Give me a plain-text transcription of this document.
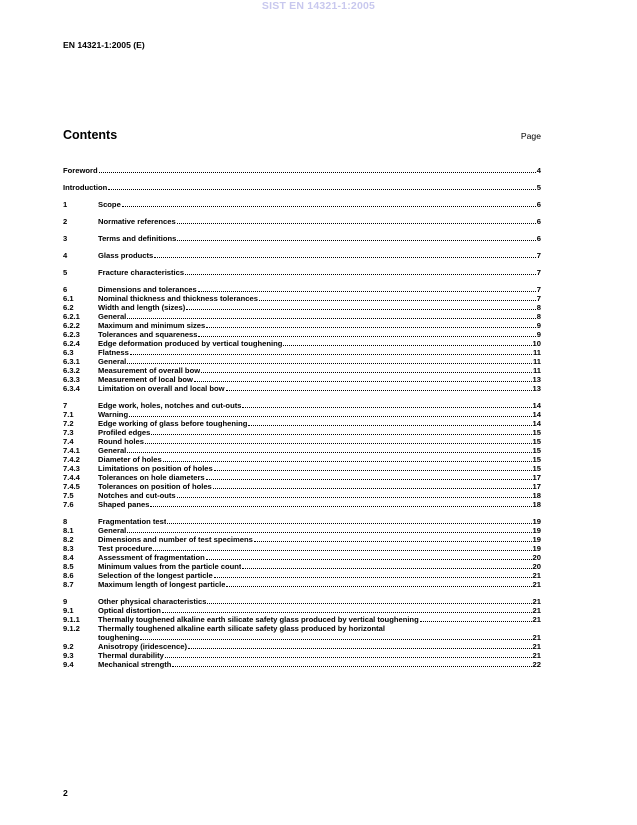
SIST EN 14321-1:2005
EN 14321-1:2005 (E)
Contents	Page
Foreword	4
Introduction	5
1	Scope	6
2	Normative references	6
3	Terms and definitions	6
4	Glass products	7
5	Fracture characteristics	7
6	Dimensions and tolerances	7
6.1	Nominal thickness and thickness tolerances	7
6.2	Width and length (sizes)	8
6.2.1	General	8
6.2.2	Maximum and minimum sizes	9
6.2.3	Tolerances and squareness	9
6.2.4	Edge deformation produced by vertical toughening	10
6.3	Flatness	11
6.3.1	General	11
6.3.2	Measurement of overall bow	11
6.3.3	Measurement of local bow	13
6.3.4	Limitation on overall and local bow	13
7	Edge work, holes, notches and cut-outs	14
7.1	Warning	14
7.2	Edge working of glass before toughening	14
7.3	Profiled edges	15
7.4	Round holes	15
7.4.1	General	15
7.4.2	Diameter of holes	15
7.4.3	Limitations on position of holes	15
7.4.4	Tolerances on hole diameters	17
7.4.5	Tolerances on position of holes	17
7.5	Notches and cut-outs	18
7.6	Shaped panes	18
8	Fragmentation test	19
8.1	General	19
8.2	Dimensions and number of test specimens	19
8.3	Test procedure	19
8.4	Assessment of fragmentation	20
8.5	Minimum values from the particle count	20
8.6	Selection of the longest particle	21
8.7	Maximum length of longest particle	21
9	Other physical characteristics	21
9.1	Optical distortion	21
9.1.1	Thermally toughened alkaline earth silicate safety glass produced by vertical toughening	21
9.1.2	Thermally toughened alkaline earth silicate safety glass produced by horizontal
toughening	21
9.2	Anisotropy (iridescence)	21
9.3	Thermal durability	21
9.4	Mechanical strength	22
2
